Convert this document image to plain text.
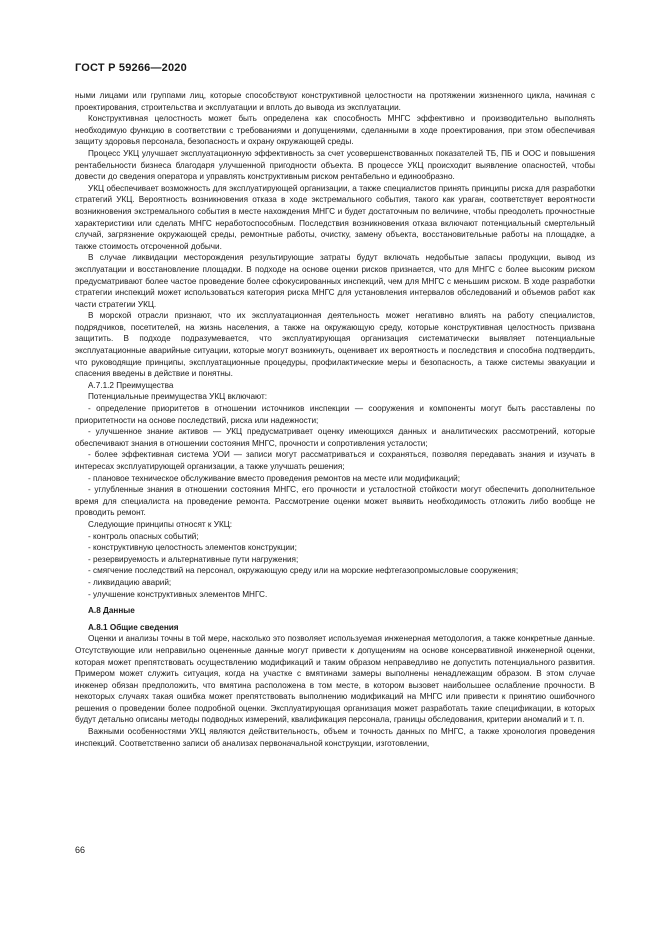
ГОСТ Р 59266—2020

ными лицами или группами лиц, которые способствуют конструктивной целостности на протяжении жизненного цикла, начиная с проектирования, строительства и эксплуатации и вплоть до вывода из эксплуатации.

Конструктивная целостность может быть определена как способность МНГС эффективно и производительно выполнять необходимую функцию в соответствии с требованиями и допущениями, сделанными в ходе проектирования, при этом обеспечивая защиту здоровья персонала, безопасность и охрану окружающей среды.

Процесс УКЦ улучшает эксплуатационную эффективность за счет усовершенствованных показателей ТБ, ПБ и ООС и повышения рентабельности бизнеса благодаря улучшенной пригодности объекта. В процессе УКЦ происходит выявление опасностей, чтобы довести до сведения оператора и управлять конструктивным риском рентабельно и единообразно.

УКЦ обеспечивает возможность для эксплуатирующей организации, а также специалистов принять принципы риска для разработки стратегий УКЦ. Вероятность возникновения отказа в ходе экстремального события, такого как ураган, соответствует вероятности возникновения экстремального события в месте нахождения МНГС и будет достаточным по величине, чтобы преодолеть прочностные характеристики или сделать МНГС неработоспособным. Последствия возникновения отказа включают потенциальный смертельный случай, загрязнение окружающей среды, ремонтные работы, очистку, замену объекта, восстановительные работы на площадке, а также стоимость отсроченной добычи.

В случае ликвидации месторождения результирующие затраты будут включать недобытые запасы продукции, вывод из эксплуатации и восстановление площадки. В подходе на основе оценки рисков признается, что для МНГС с более высоким риском предусматривают более частое проведение более сфокусированных инспекций, чем для МНГС с меньшим риском. В ходе разработки стратегии инспекций может использоваться категория риска МНГС для установления интервалов обследований и объемов работ как части стратегии УКЦ.

В морской отрасли признают, что их эксплуатационная деятельность может негативно влиять на работу специалистов, подрядчиков, посетителей, на жизнь населения, а также на окружающую среду, которые конструктивная целостность призвана защитить. В подходе подразумевается, что эксплуатирующая организация систематически выявляет потенциальные эксплуатационные аварийные ситуации, которые могут возникнуть, оценивает их вероятность и последствия и способна подтвердить, что руководящие принципы, эксплуатационные процедуры, профилактические меры и безопасность, а также системы эвакуации и спасения введены в действие и понятны.

А.7.1.2 Преимущества

Потенциальные преимущества УКЦ включают:

- определение приоритетов в отношении источников инспекции — сооружения и компоненты могут быть расставлены по приоритетности на основе последствий, риска или надежности;

- улучшенное знание активов — УКЦ предусматривает оценку имеющихся данных и аналитических рассмотрений, которые обеспечивают знания в отношении состояния МНГС, прочности и сопротивления усталости;

- более эффективная система УОИ — записи могут рассматриваться и сохраняться, позволяя передавать знания и изучать в интересах эксплуатирующей организации, а также улучшать решения;

- плановое техническое обслуживание вместо проведения ремонтов на месте или модификаций;

- углубленные знания в отношении состояния МНГС, его прочности и усталостной стойкости могут обеспечить дополнительное время для специалиста на проведение ремонта. Рассмотрение оценки может выявить необходимость отложить либо вообще не проводить ремонт.

Следующие принципы относят к УКЦ:

- контроль опасных событий;

- конструктивную целостность элементов конструкции;

- резервируемость и альтернативные пути нагружения;

- смягчение последствий на персонал, окружающую среду или на морские нефтегазопромысловые сооружения;

- ликвидацию аварий;

- улучшение конструктивных элементов МНГС.

А.8 Данные

А.8.1 Общие сведения

Оценки и анализы точны в той мере, насколько это позволяет используемая инженерная методология, а также конкретные данные. Отсутствующие или неправильно оцененные данные могут привести к допущениям на основе консервативной инженерной оценки, которая может препятствовать осуществлению модификаций и таким образом неправедливо не допустить потенциального развития. Примером может служить ситуация, когда на участке с вмятинами замеры выполнены ненадлежащим образом. В этом случае инженер обязан предположить, что вмятина расположена в том месте, в котором вызовет наибольшее ослабление прочности. В некоторых случаях такая ошибка может препятствовать выполнению модификаций на МНГС или привести к принятию ошибочного решения о проведении более подробной оценки. Эксплуатирующая организация может разработать такие спецификации, в которых будут детально описаны методы подводных измерений, квалификация персонала, границы обследования, критерии аномалий и т. п.

Важными особенностями УКЦ являются действительность, объем и точность данных по МНГС, а также хронология проведения инспекций. Соответственно записи об анализах первоначальной конструкции, изготовлении,

66
